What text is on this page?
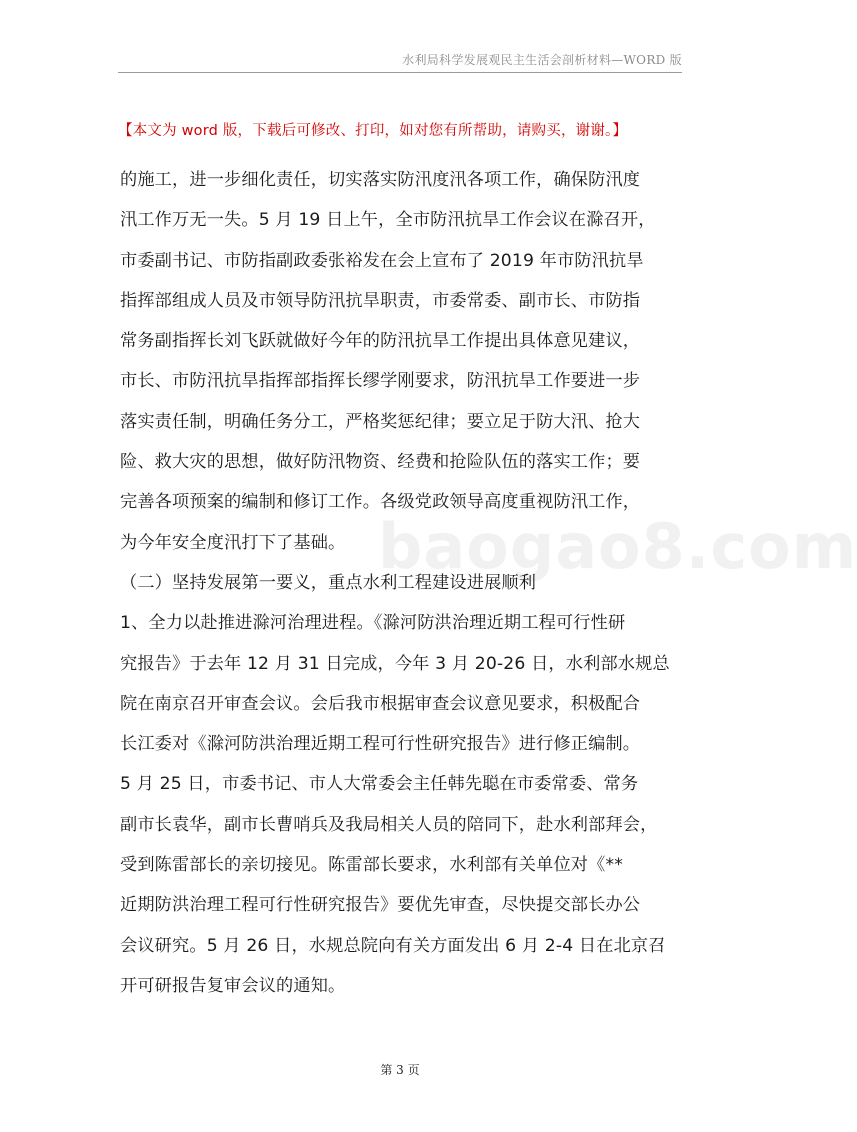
水利局科学发展观民主生活会剖析材料—WORD 版
【本文为 word 版，下载后可修改、打印，如对您有所帮助，请购买，谢谢。】
baogao8.com
的施工，进一步细化责任，切实落实防汛度汛各项工作，确保防汛度
汛工作万无一失。5 月 19 日上午，全市防汛抗旱工作会议在滁召开，
市委副书记、市防指副政委张裕发在会上宣布了 2019 年市防汛抗旱
指挥部组成人员及市领导防汛抗旱职责，市委常委、副市长、市防指
常务副指挥长刘飞跃就做好今年的防汛抗旱工作提出具体意见建议，
市长、市防汛抗旱指挥部指挥长缪学刚要求，防汛抗旱工作要进一步
落实责任制，明确任务分工，严格奖惩纪律；要立足于防大汛、抢大
险、救大灾的思想，做好防汛物资、经费和抢险队伍的落实工作；要
完善各项预案的编制和修订工作。各级党政领导高度重视防汛工作，
为今年安全度汛打下了基础。
（二）坚持发展第一要义，重点水利工程建设进展顺利
1、全力以赴推进滁河治理进程。《滁河防洪治理近期工程可行性研
究报告》于去年 12 月 31 日完成，今年 3 月 20-26 日，水利部水规总
院在南京召开审查会议。会后我市根据审查会议意见要求，积极配合
长江委对《滁河防洪治理近期工程可行性研究报告》进行修正编制。
5 月 25 日，市委书记、市人大常委会主任韩先聪在市委常委、常务
副市长袁华，副市长曹哨兵及我局相关人员的陪同下，赴水利部拜会，
受到陈雷部长的亲切接见。陈雷部长要求，水利部有关单位对《**
近期防洪治理工程可行性研究报告》要优先审查，尽快提交部长办公
会议研究。5 月 26 日，水规总院向有关方面发出 6 月 2-4 日在北京召
开可研报告复审会议的通知。
第 3 页
